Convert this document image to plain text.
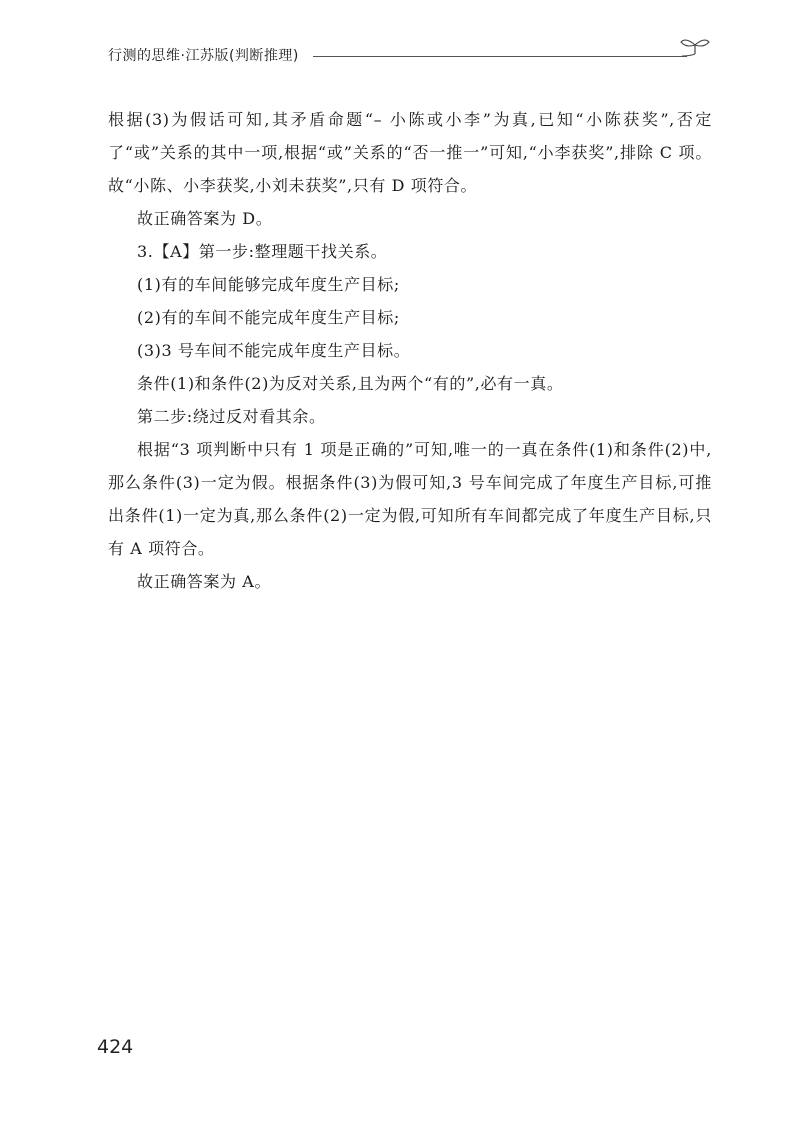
行测的思维·江苏版(判断推理)

根据(3)为假话可知,其矛盾命题“– 小陈或小李”为真,已知“小陈获奖”,否定了“或”关系的其中一项,根据“或”关系的“否一推一”可知,“小李获奖”,排除 C 项。故“小陈、小李获奖,小刘未获奖”,只有 D 项符合。

故正确答案为 D。

3.【A】第一步:整理题干找关系。

(1)有的车间能够完成年度生产目标;

(2)有的车间不能完成年度生产目标;

(3)3 号车间不能完成年度生产目标。

条件(1)和条件(2)为反对关系,且为两个“有的”,必有一真。

第二步:绕过反对看其余。

根据“3 项判断中只有 1 项是正确的”可知,唯一的一真在条件(1)和条件(2)中,那么条件(3)一定为假。根据条件(3)为假可知,3 号车间完成了年度生产目标,可推出条件(1)一定为真,那么条件(2)一定为假,可知所有车间都完成了年度生产目标,只有 A 项符合。

故正确答案为 A。

424
